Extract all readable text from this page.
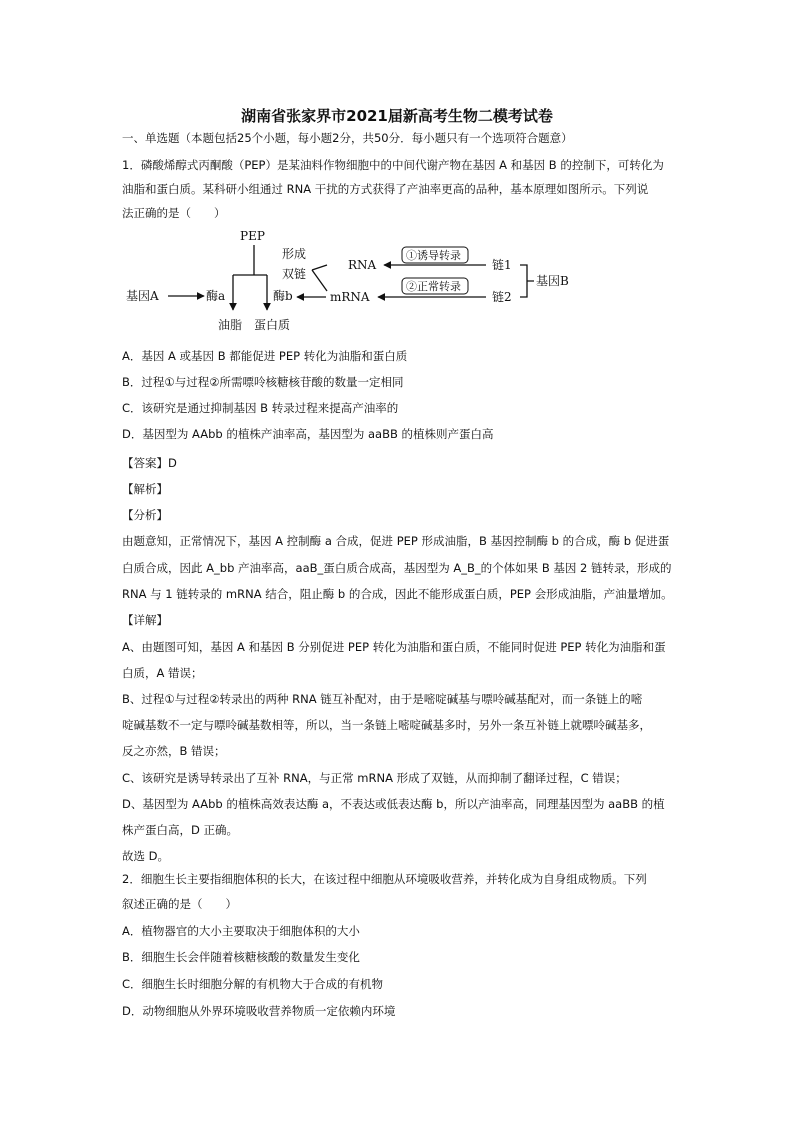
湖南省张家界市2021届新高考生物二模考试卷
一、单选题（本题包括25个小题，每小题2分，共50分．每小题只有一个选项符合题意）
1．磷酸烯醇式丙酮酸（PEP）是某油料作物细胞中的中间代谢产物在基因 A 和基因 B 的控制下，可转化为
油脂和蛋白质。某科研小组通过 RNA 干扰的方式获得了产油率更高的品种，基本原理如图所示。下列说
法正确的是（　　）
PEP
基因A	酶a	酶b
油脂 蛋白质
形成
双链
RNA
mRNA
①诱导转录
②正常转录
链1
链2
基因B
A．基因 A 或基因 B 都能促进 PEP 转化为油脂和蛋白质
B．过程①与过程②所需嘌呤核糖核苷酸的数量一定相同
C．该研究是通过抑制基因 B 转录过程来提高产油率的
D．基因型为 AAbb 的植株产油率高，基因型为 aaBB 的植株则产蛋白高
【答案】D
【解析】
【分析】
由题意知，正常情况下，基因 A 控制酶 a 合成，促进 PEP 形成油脂，B 基因控制酶 b 的合成，酶 b 促进蛋
白质合成，因此 A_bb 产油率高，aaB_蛋白质合成高，基因型为 A_B_的个体如果 B 基因 2 链转录，形成的
RNA 与 1 链转录的 mRNA 结合，阻止酶 b 的合成，因此不能形成蛋白质，PEP 会形成油脂，产油量增加。
【详解】
A、由题图可知，基因 A 和基因 B 分别促进 PEP 转化为油脂和蛋白质，不能同时促进 PEP 转化为油脂和蛋
白质，A 错误；
B、过程①与过程②转录出的两种 RNA 链互补配对，由于是嘧啶碱基与嘌呤碱基配对，而一条链上的嘧
啶碱基数不一定与嘌呤碱基数相等，所以，当一条链上嘧啶碱基多时，另外一条互补链上就嘌呤碱基多，
反之亦然，B 错误；
C、该研究是诱导转录出了互补 RNA，与正常 mRNA 形成了双链，从而抑制了翻译过程，C 错误；
D、基因型为 AAbb 的植株高效表达酶 a，不表达或低表达酶 b，所以产油率高，同理基因型为 aaBB 的植
株产蛋白高，D 正确。
故选 D。
2．细胞生长主要指细胞体积的长大，在该过程中细胞从环境吸收营养，并转化成为自身组成物质。下列
叙述正确的是（　　）
A．植物器官的大小主要取决于细胞体积的大小
B．细胞生长会伴随着核糖核酸的数量发生变化
C．细胞生长时细胞分解的有机物大于合成的有机物
D．动物细胞从外界环境吸收营养物质一定依赖内环境
